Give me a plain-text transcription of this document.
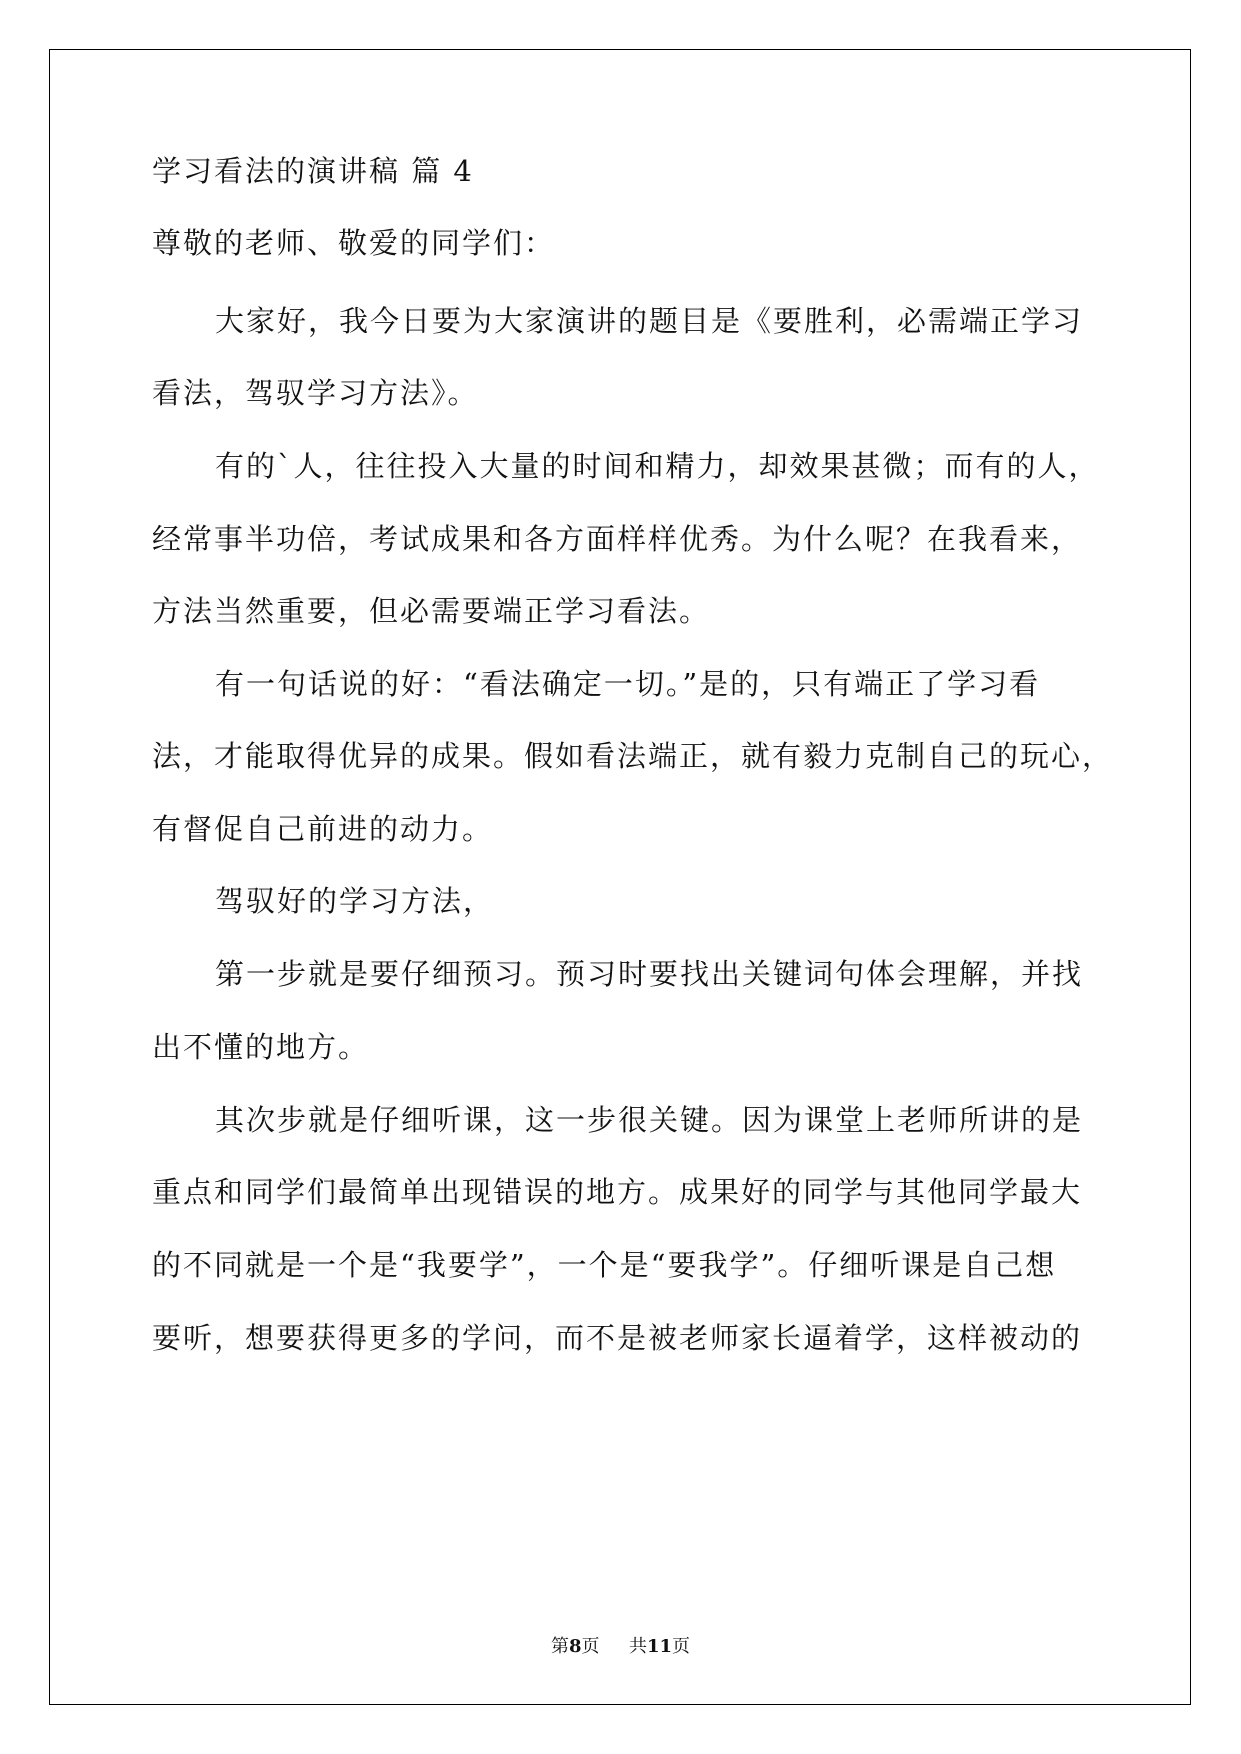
学习看法的演讲稿 篇 4
尊敬的老师、敬爱的同学们：
大家好，我今日要为大家演讲的题目是《要胜利，必需端正学习
看法，驾驭学习方法》。
有的`人，往往投入大量的时间和精力，却效果甚微；而有的人，
经常事半功倍，考试成果和各方面样样优秀。为什么呢？在我看来，
方法当然重要，但必需要端正学习看法。
有一句话说的好：“看法确定一切。”是的，只有端正了学习看
法，才能取得优异的成果。假如看法端正，就有毅力克制自己的玩心，
有督促自己前进的动力。
驾驭好的学习方法，
第一步就是要仔细预习。预习时要找出关键词句体会理解，并找
出不懂的地方。
其次步就是仔细听课，这一步很关键。因为课堂上老师所讲的是
重点和同学们最简单出现错误的地方。成果好的同学与其他同学最大
的不同就是一个是“我要学”，一个是“要我学”。仔细听课是自己想
要听，想要获得更多的学问，而不是被老师家长逼着学，这样被动的
第8页 共11页
